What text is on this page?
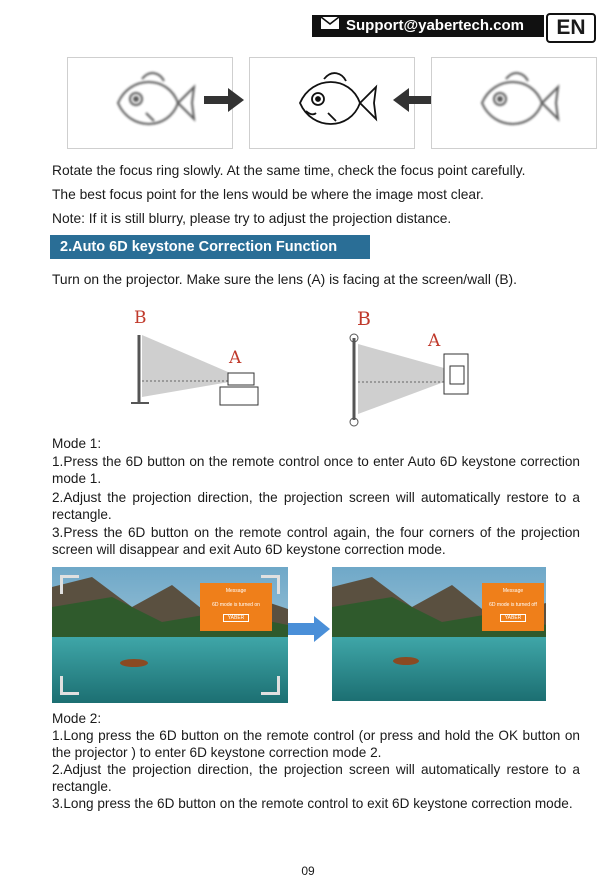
Support@yabertech.com	EN
Rotate the focus ring slowly. At the same time, check the focus point carefully.
The best focus point for the lens would be where the image most clear.
Note: If it is still blurry, please try to adjust the projection distance.
2.Auto 6D keystone Correction Function
Turn on the projector. Make sure the lens (A) is facing at the screen/wall (B).
B
A
B
A
Mode 1:
1.Press the 6D button on the remote control once to enter Auto 6D keystone correction mode 1.
2.Adjust the projection direction, the projection screen will automatically restore to a rectangle.
3.Press the 6D button on the remote control again, the four corners of the projection screen will disappear and exit Auto 6D keystone correction mode.
Message
6D mode is turned on
YABER
Message
6D mode is turned off
YABER
Mode 2:
1.Long press the 6D button on the remote control (or press and hold the OK button on the projector ) to enter 6D keystone correction mode 2.
2.Adjust the projection direction, the projection screen will automatically restore to a rectangle.
3.Long press the 6D button on the remote control to exit 6D keystone correction mode.
09
